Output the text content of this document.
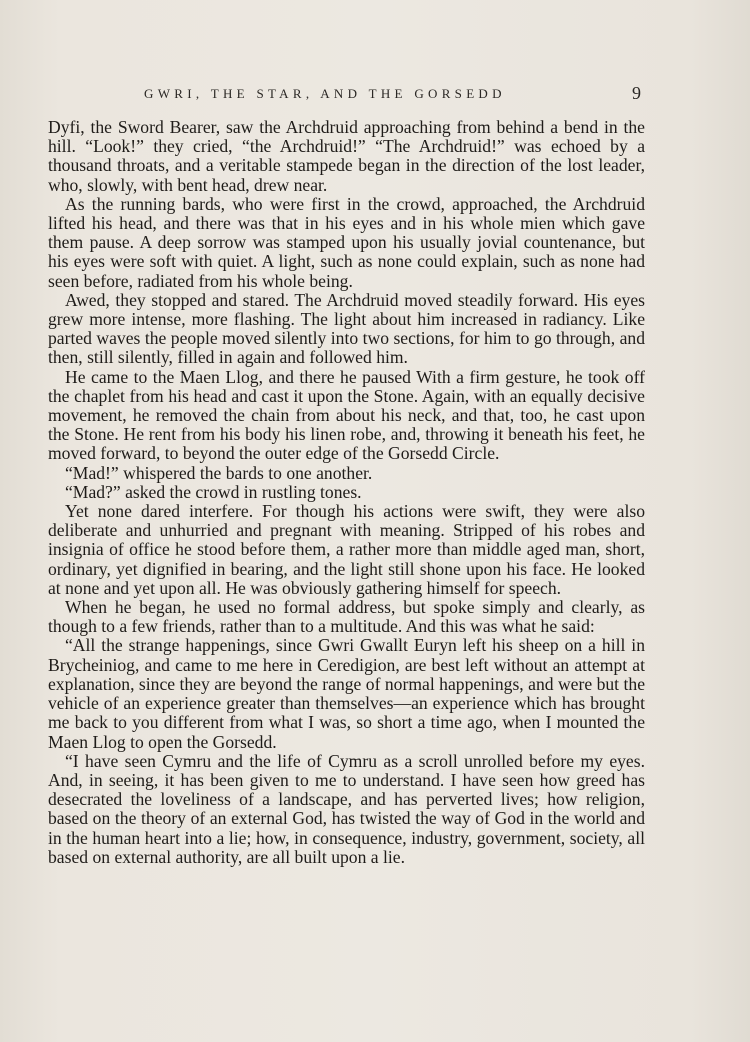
GWRI, THE STAR, AND THE GORSEDD	9

Dyfi, the Sword Bearer, saw the Archdruid approaching from behind a bend in the hill. “Look!” they cried, “the Archdruid!” “The Archdruid!” was echoed by a thousand throats, and a veritable stampede began in the direction of the lost leader, who, slowly, with bent head, drew near.

As the running bards, who were first in the crowd, approached, the Archdruid lifted his head, and there was that in his eyes and in his whole mien which gave them pause. A deep sorrow was stamped upon his usually jovial countenance, but his eyes were soft with quiet. A light, such as none could explain, such as none had seen before, radiated from his whole being.

Awed, they stopped and stared. The Archdruid moved steadily forward. His eyes grew more intense, more flashing. The light about him increased in radiancy. Like parted waves the people moved silently into two sections, for him to go through, and then, still silently, filled in again and followed him.

He came to the Maen Llog, and there he paused With a firm gesture, he took off the chaplet from his head and cast it upon the Stone. Again, with an equally decisive movement, he removed the chain from about his neck, and that, too, he cast upon the Stone. He rent from his body his linen robe, and, throwing it beneath his feet, he moved forward, to beyond the outer edge of the Gorsedd Circle.

“Mad!” whispered the bards to one another.

“Mad?” asked the crowd in rustling tones.

Yet none dared interfere. For though his actions were swift, they were also deliberate and unhurried and pregnant with meaning. Stripped of his robes and insignia of office he stood before them, a rather more than middle aged man, short, ordinary, yet dignified in bearing, and the light still shone upon his face. He looked at none and yet upon all. He was obviously gathering himself for speech.

When he began, he used no formal address, but spoke simply and clearly, as though to a few friends, rather than to a multitude. And this was what he said:

“All the strange happenings, since Gwri Gwallt Euryn left his sheep on a hill in Brycheiniog, and came to me here in Ceredigion, are best left without an attempt at explanation, since they are beyond the range of normal happenings, and were but the vehicle of an experience greater than themselves—an experience which has brought me back to you different from what I was, so short a time ago, when I mounted the Maen Llog to open the Gorsedd.

“I have seen Cymru and the life of Cymru as a scroll unrolled before my eyes. And, in seeing, it has been given to me to understand. I have seen how greed has desecrated the loveliness of a landscape, and has perverted lives; how religion, based on the theory of an external God, has twisted the way of God in the world and in the human heart into a lie; how, in consequence, industry, government, society, all based on external authority, are all built upon a lie.
